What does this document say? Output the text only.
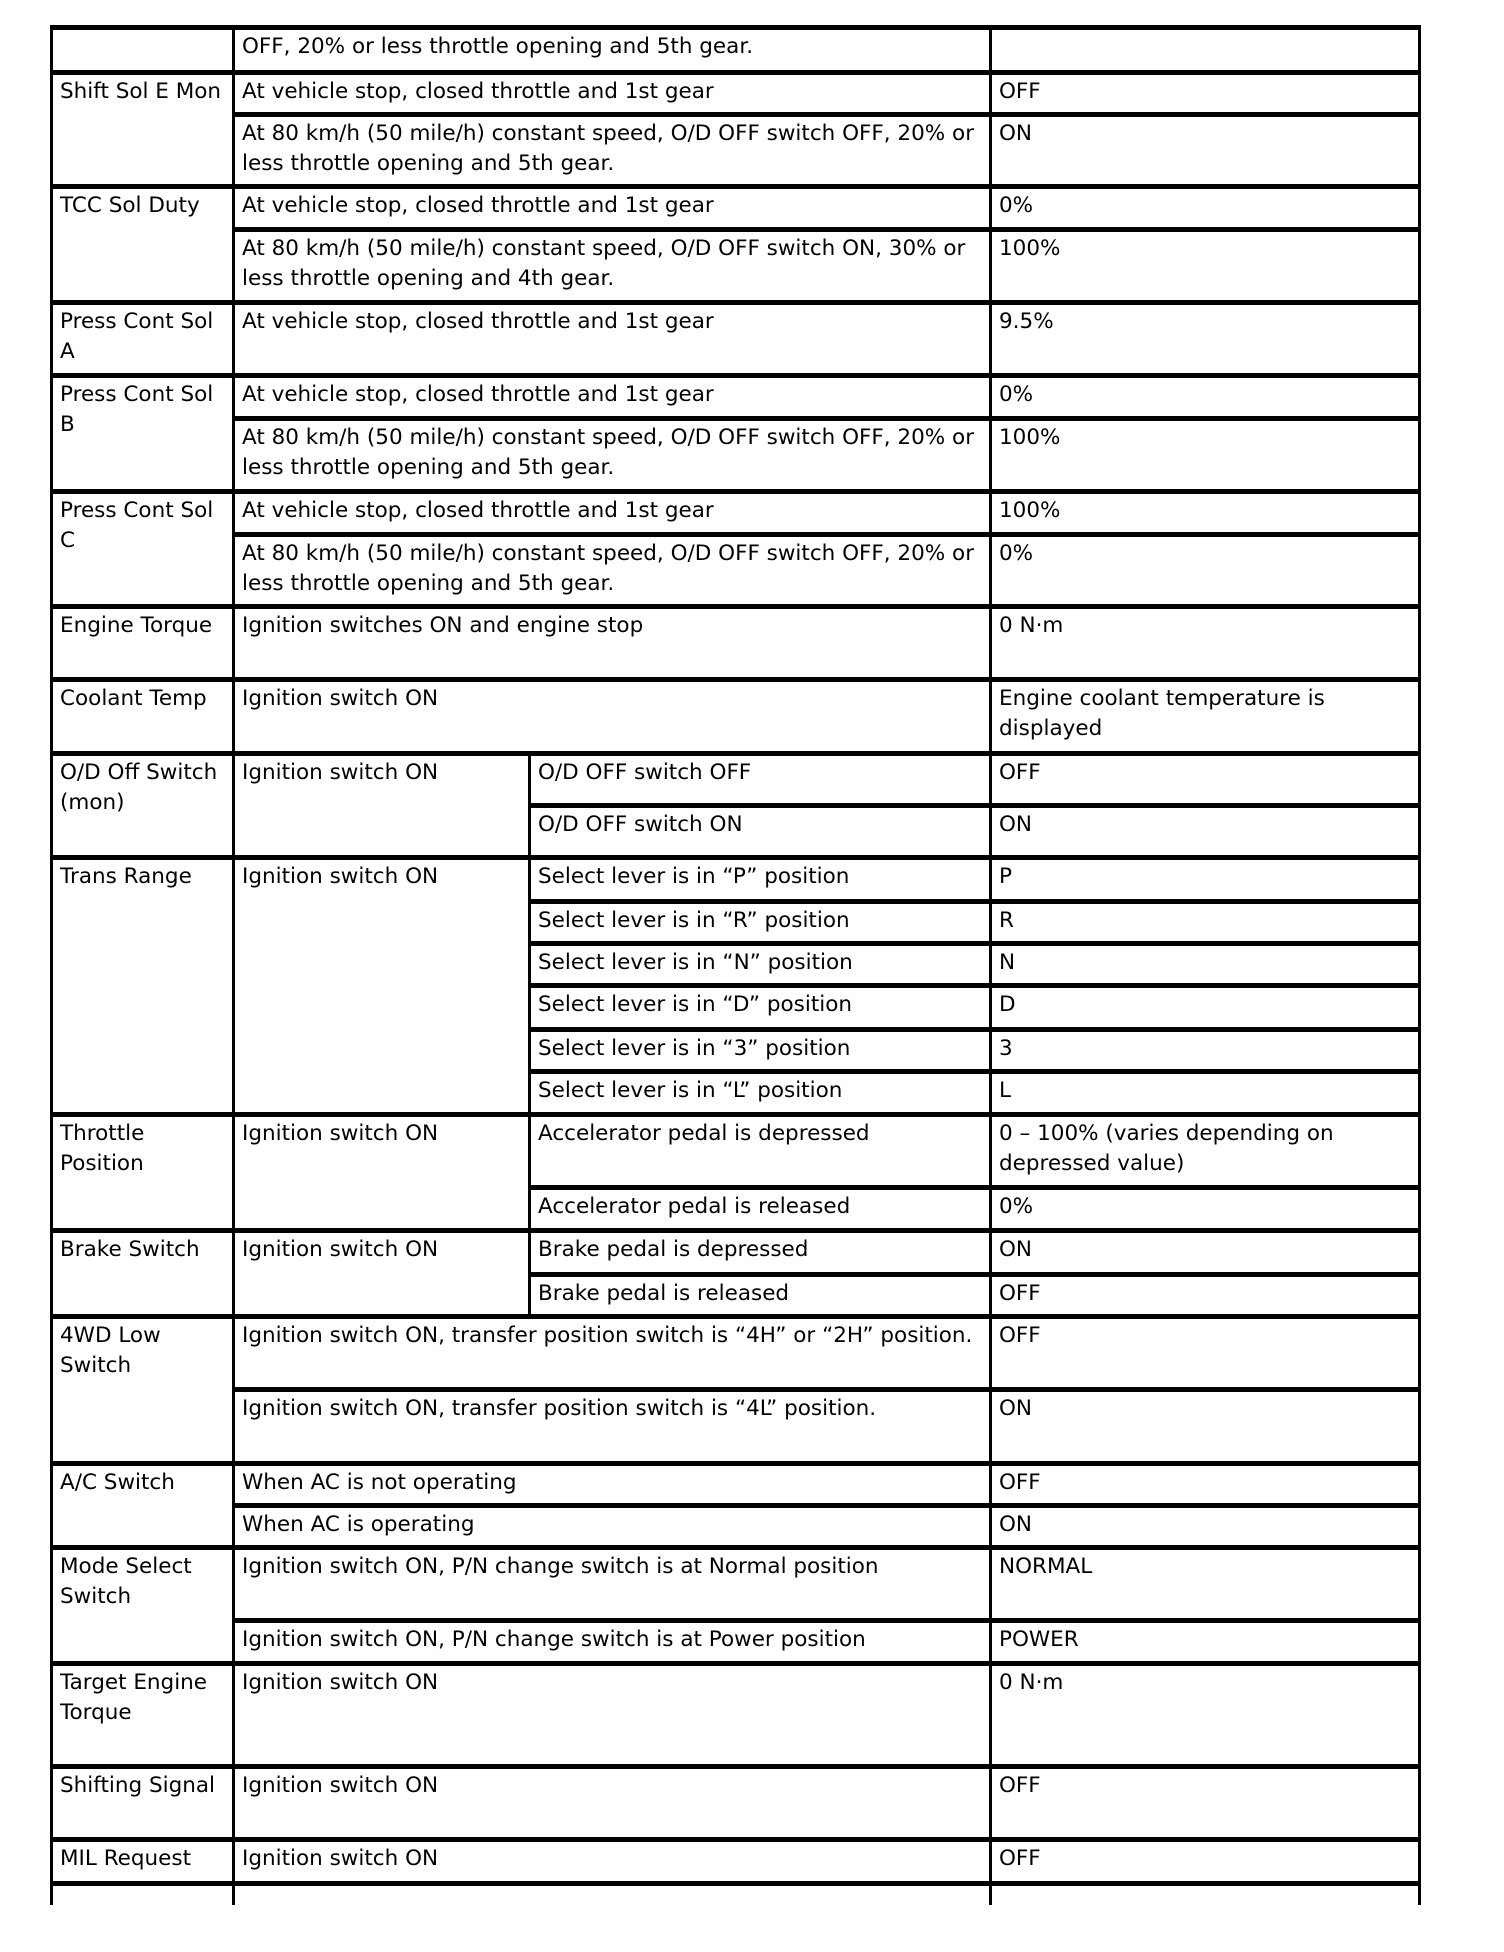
	OFF, 20% or less throttle opening and 5th gear.		
Shift Sol E Mon	At vehicle stop, closed throttle and 1st gear		OFF
	At 80 km/h (50 mile/h) constant speed, O/D OFF switch OFF, 20% or less throttle opening and 5th gear.		ON
TCC Sol Duty	At vehicle stop, closed throttle and 1st gear		0%
	At 80 km/h (50 mile/h) constant speed, O/D OFF switch ON, 30% or less throttle opening and 4th gear.		100%
Press Cont Sol A	At vehicle stop, closed throttle and 1st gear		9.5%
Press Cont Sol B	At vehicle stop, closed throttle and 1st gear		0%
	At 80 km/h (50 mile/h) constant speed, O/D OFF switch OFF, 20% or less throttle opening and 5th gear.		100%
Press Cont Sol C	At vehicle stop, closed throttle and 1st gear		100%
	At 80 km/h (50 mile/h) constant speed, O/D OFF switch OFF, 20% or less throttle opening and 5th gear.		0%
Engine Torque	Ignition switches ON and engine stop		0 N·m
Coolant Temp	Ignition switch ON		Engine coolant temperature is displayed
O/D Off Switch (mon)	Ignition switch ON	O/D OFF switch OFF	OFF
		O/D OFF switch ON	ON
Trans Range	Ignition switch ON	Select lever is in “P” position	P
		Select lever is in “R” position	R
		Select lever is in “N” position	N
		Select lever is in “D” position	D
		Select lever is in “3” position	3
		Select lever is in “L” position	L
Throttle Position	Ignition switch ON	Accelerator pedal is depressed	0 – 100% (varies depending on depressed value)
		Accelerator pedal is released	0%
Brake Switch	Ignition switch ON	Brake pedal is depressed	ON
		Brake pedal is released	OFF
4WD Low Switch	Ignition switch ON, transfer position switch is “4H” or “2H” position.		OFF
	Ignition switch ON, transfer position switch is “4L” position.		ON
A/C Switch	When AC is not operating		OFF
	When AC is operating		ON
Mode Select Switch	Ignition switch ON, P/N change switch is at Normal position		NORMAL
	Ignition switch ON, P/N change switch is at Power position		POWER
Target Engine Torque	Ignition switch ON		0 N·m
Shifting Signal	Ignition switch ON		OFF
MIL Request	Ignition switch ON		OFF
